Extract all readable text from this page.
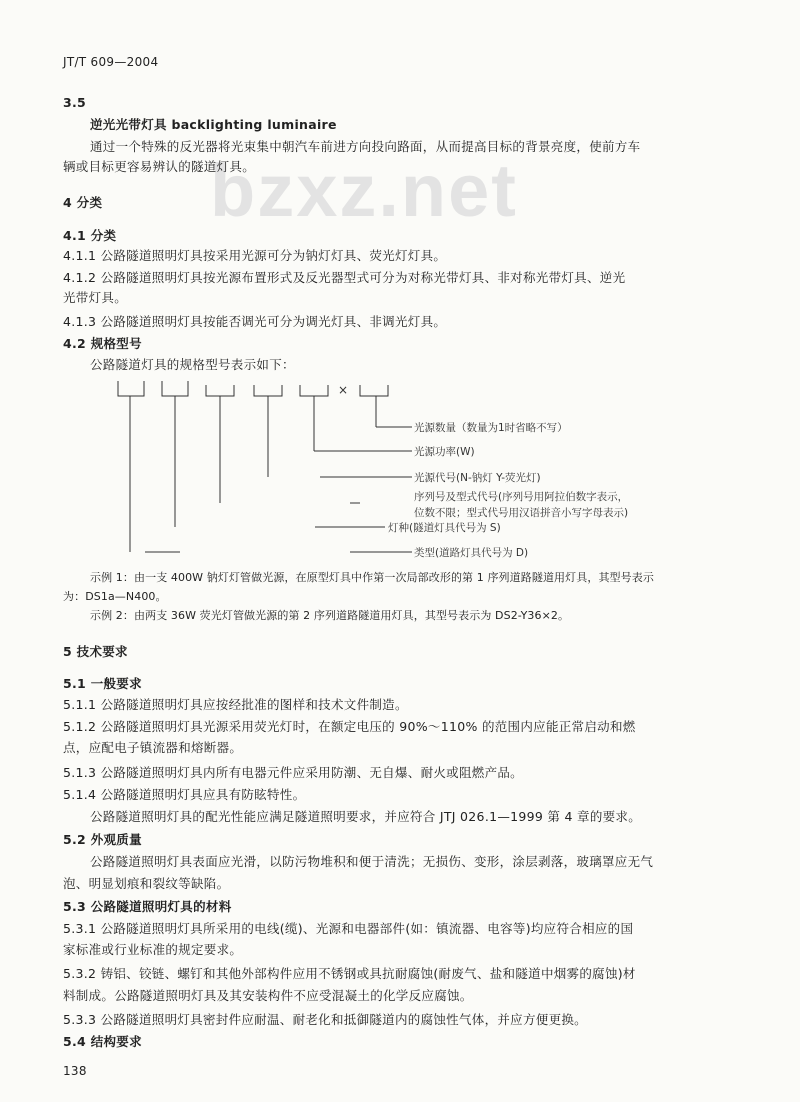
JT/T 609—2004
bzxz.net
3.5
逆光光带灯具 backlighting luminaire
通过一个特殊的反光器将光束集中朝汽车前进方向投向路面，从而提高目标的背景亮度，使前方车
辆或目标更容易辨认的隧道灯具。
4 分类
4.1 分类
4.1.1 公路隧道照明灯具按采用光源可分为钠灯灯具、荧光灯灯具。
4.1.2 公路隧道照明灯具按光源布置形式及反光器型式可分为对称光带灯具、非对称光带灯具、逆光
光带灯具。
4.1.3 公路隧道照明灯具按能否调光可分为调光灯具、非调光灯具。
4.2 规格型号
公路隧道灯具的规格型号表示如下：
×
光源数量（数量为1时省略不写）
光源功率(W)
光源代号(N-钠灯 Y-荧光灯)
序列号及型式代号(序列号用阿拉伯数字表示，
位数不限；型式代号用汉语拼音小写字母表示)
灯种(隧道灯具代号为 S)
类型(道路灯具代号为 D)
示例 1：由一支 400W 钠灯灯管做光源，在原型灯具中作第一次局部改形的第 1 序列道路隧道用灯具，其型号表示
为：DS1a—N400。
示例 2：由两支 36W 荧光灯管做光源的第 2 序列道路隧道用灯具，其型号表示为 DS2-Y36×2。
5 技术要求
5.1 一般要求
5.1.1 公路隧道照明灯具应按经批准的图样和技术文件制造。
5.1.2 公路隧道照明灯具光源采用荧光灯时，在额定电压的 90%～110% 的范围内应能正常启动和燃
点，应配电子镇流器和熔断器。
5.1.3 公路隧道照明灯具内所有电器元件应采用防潮、无自爆、耐火或阻燃产品。
5.1.4 公路隧道照明灯具应具有防眩特性。
公路隧道照明灯具的配光性能应满足隧道照明要求，并应符合 JTJ 026.1—1999 第 4 章的要求。
5.2 外观质量
公路隧道照明灯具表面应光滑，以防污物堆积和便于清洗；无损伤、变形，涂层剥落，玻璃罩应无气
泡、明显划痕和裂纹等缺陷。
5.3 公路隧道照明灯具的材料
5.3.1 公路隧道照明灯具所采用的电线(缆)、光源和电器部件(如：镇流器、电容等)均应符合相应的国
家标准或行业标准的规定要求。
5.3.2 铸铝、铰链、螺钉和其他外部构件应用不锈钢或具抗耐腐蚀(耐废气、盐和隧道中烟雾的腐蚀)材
料制成。公路隧道照明灯具及其安装构件不应受混凝土的化学反应腐蚀。
5.3.3 公路隧道照明灯具密封件应耐温、耐老化和抵御隧道内的腐蚀性气体，并应方便更换。
5.4 结构要求
138
